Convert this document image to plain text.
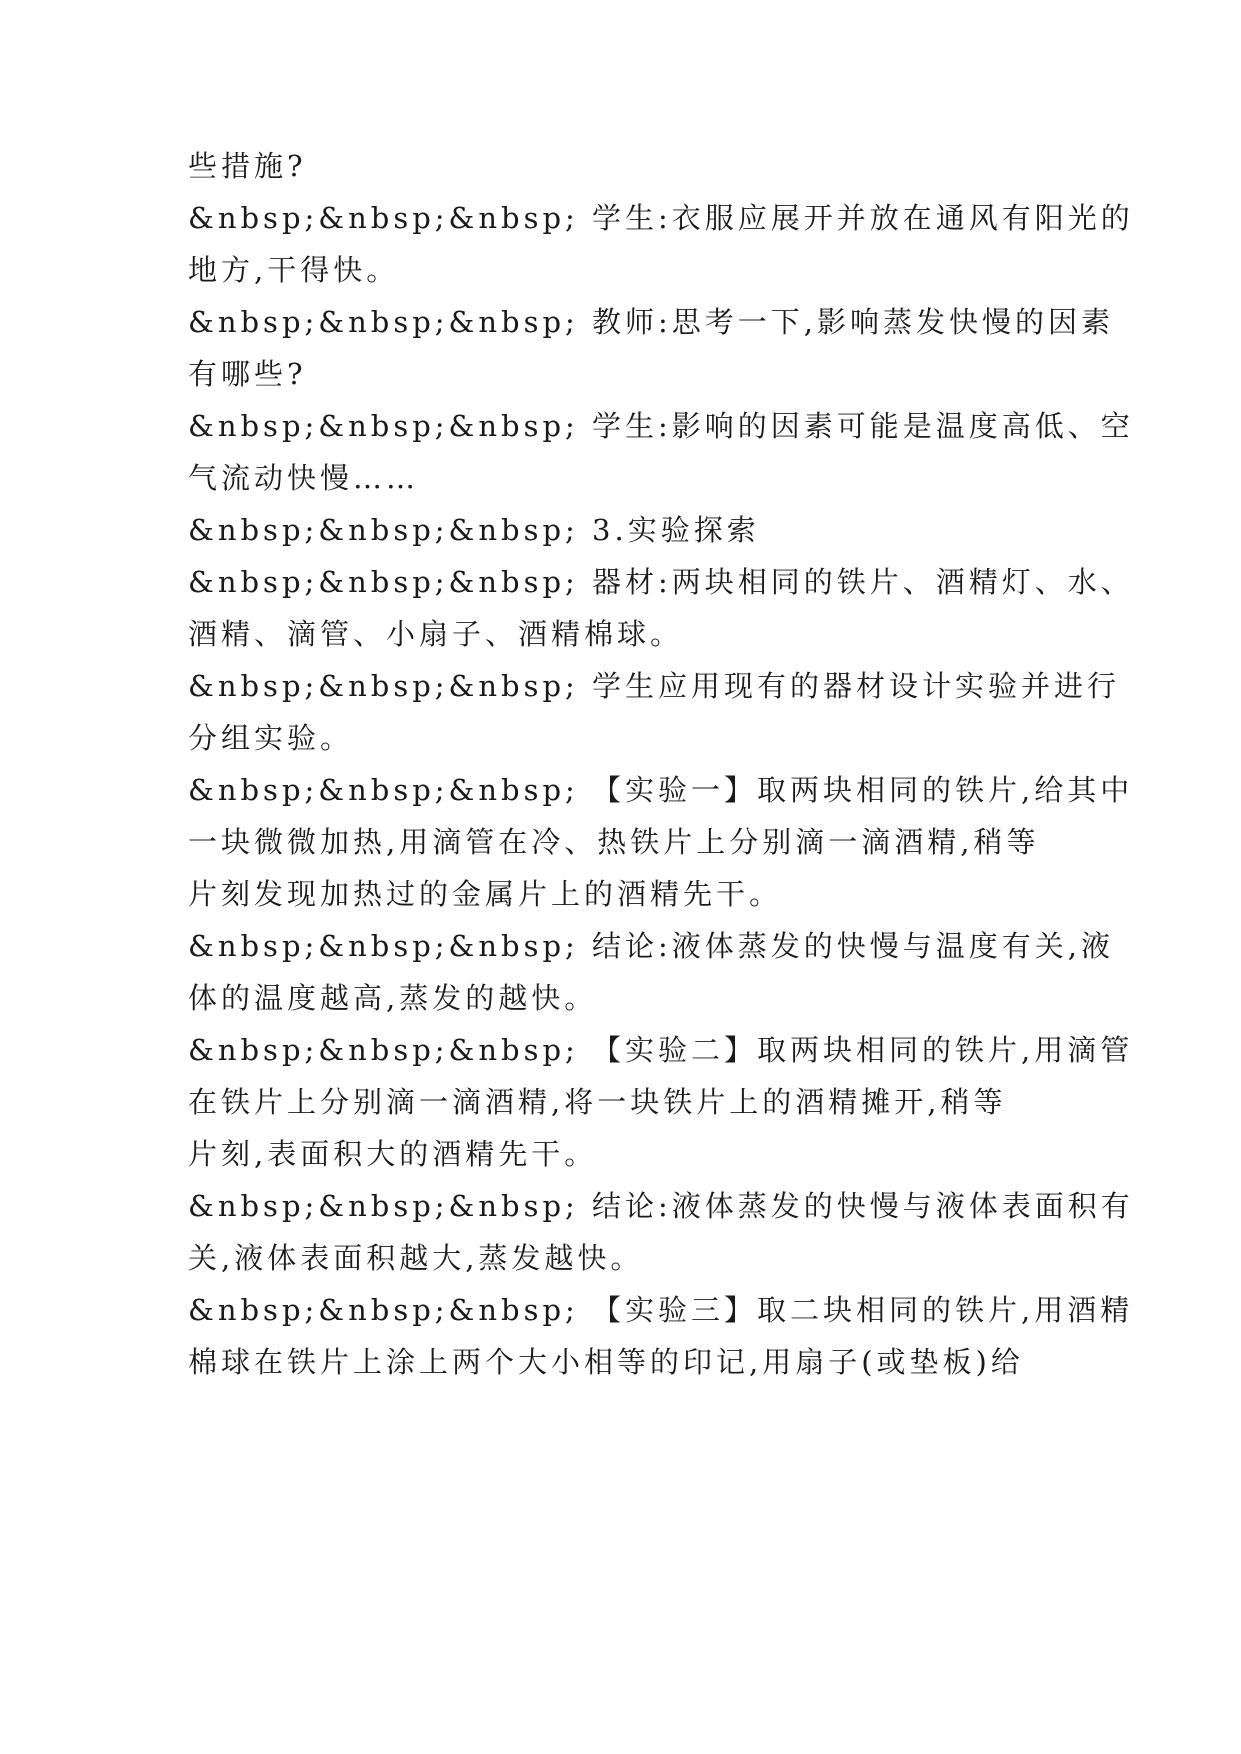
些措施?
&nbsp;&nbsp;&nbsp; 学生:衣服应展开并放在通风有阳光的
地方,干得快。
&nbsp;&nbsp;&nbsp; 教师:思考一下,影响蒸发快慢的因素
有哪些?
&nbsp;&nbsp;&nbsp; 学生:影响的因素可能是温度高低、空
气流动快慢……
&nbsp;&nbsp;&nbsp; 3.实验探索
&nbsp;&nbsp;&nbsp; 器材:两块相同的铁片、酒精灯、水、
酒精、滴管、小扇子、酒精棉球。
&nbsp;&nbsp;&nbsp; 学生应用现有的器材设计实验并进行
分组实验。
&nbsp;&nbsp;&nbsp; 【实验一】取两块相同的铁片,给其中
一块微微加热,用滴管在冷、热铁片上分别滴一滴酒精,稍等
片刻发现加热过的金属片上的酒精先干。
&nbsp;&nbsp;&nbsp; 结论:液体蒸发的快慢与温度有关,液
体的温度越高,蒸发的越快。
&nbsp;&nbsp;&nbsp; 【实验二】取两块相同的铁片,用滴管
在铁片上分别滴一滴酒精,将一块铁片上的酒精摊开,稍等
片刻,表面积大的酒精先干。
&nbsp;&nbsp;&nbsp; 结论:液体蒸发的快慢与液体表面积有
关,液体表面积越大,蒸发越快。
&nbsp;&nbsp;&nbsp; 【实验三】取二块相同的铁片,用酒精
棉球在铁片上涂上两个大小相等的印记,用扇子(或垫板)给
